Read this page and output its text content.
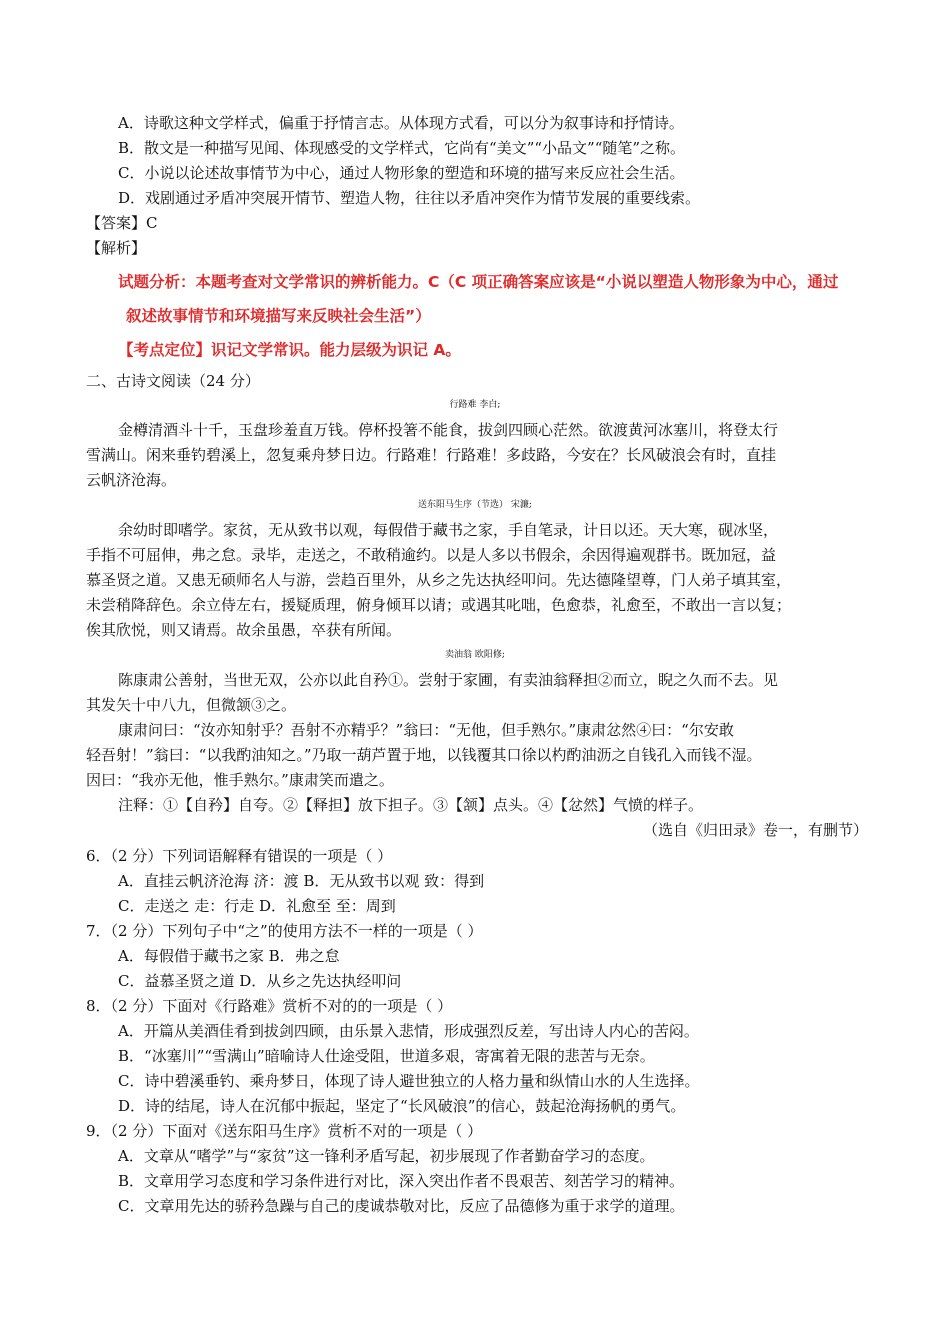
A．诗歌这种文学样式，偏重于抒情言志。从体现方式看，可以分为叙事诗和抒情诗。
B．散文是一种描写见闻、体现感受的文学样式，它尚有“美文”“小品文”“随笔”之称。
C．小说以论述故事情节为中心，通过人物形象的塑造和环境的描写来反应社会生活。
D．戏剧通过矛盾冲突展开情节、塑造人物，往往以矛盾冲突作为情节发展的重要线索。
【答案】C
【解析】
试题分析：本题考查对文学常识的辨析能力。C（C 项正确答案应该是“小说以塑造人物形象为中心，通过
叙述故事情节和环境描写来反映社会生活”）
【考点定位】识记文学常识。能力层级为识记 A。
二、古诗文阅读（24 分）
行路难 李白;
金樽清酒斗十千，玉盘珍羞直万钱。停杯投箸不能食，拔剑四顾心茫然。欲渡黄河冰塞川，将登太行
雪满山。闲来垂钓碧溪上，忽复乘舟梦日边。行路难！行路难！多歧路，今安在？长风破浪会有时，直挂
云帆济沧海。
送东阳马生序（节选） 宋濂;
余幼时即嗜学。家贫，无从致书以观，每假借于藏书之家，手自笔录，计日以还。天大寒，砚冰坚，
手指不可屈伸，弗之怠。录毕，走送之，不敢稍逾约。以是人多以书假余，余因得遍观群书。既加冠，益
慕圣贤之道。又患无硕师名人与游，尝趋百里外，从乡之先达执经叩问。先达德隆望尊，门人弟子填其室，
未尝稍降辞色。余立侍左右，援疑质理，俯身倾耳以请；或遇其叱咄，色愈恭，礼愈至，不敢出一言以复；
俟其欣悦，则又请焉。故余虽愚，卒获有所闻。
卖油翁 欧阳修;
陈康肃公善射，当世无双，公亦以此自矜①。尝射于家圃，有卖油翁释担②而立，睨之久而不去。见
其发矢十中八九，但微颔③之。
康肃问曰：“汝亦知射乎？吾射不亦精乎？”翁曰：“无他，但手熟尔。”康肃忿然④曰：“尔安敢
轻吾射！”翁曰：“以我酌油知之。”乃取一葫芦置于地，以钱覆其口徐以杓酌油沥之自钱孔入而钱不湿。
因曰：“我亦无他，惟手熟尔。”康肃笑而遣之。
注释：①【自矜】自夸。②【释担】放下担子。③【颔】点头。④【忿然】气愤的样子。
（选自《归田录》卷一，有删节）
6．（2 分）下列词语解释有错误的一项是（ ）
A．直挂云帆济沧海 济：渡 B．无从致书以观 致：得到
C．走送之 走：行走 D．礼愈至 至：周到
7．（2 分）下列句子中“之”的使用方法不一样的一项是（ ）
A．每假借于藏书之家 B．弗之怠
C．益慕圣贤之道 D．从乡之先达执经叩问
8．（2 分）下面对《行路难》赏析不对的的一项是（ ）
A．开篇从美酒佳肴到拔剑四顾，由乐景入悲情，形成强烈反差，写出诗人内心的苦闷。
B．“冰塞川”“雪满山”暗喻诗人仕途受阻，世道多艰，寄寓着无限的悲苦与无奈。
C．诗中碧溪垂钓、乘舟梦日，体现了诗人避世独立的人格力量和纵情山水的人生选择。
D．诗的结尾，诗人在沉郁中振起，坚定了“长风破浪”的信心，鼓起沧海扬帆的勇气。
9．（2 分）下面对《送东阳马生序》赏析不对的一项是（ ）
A．文章从“嗜学”与“家贫”这一锋利矛盾写起，初步展现了作者勤奋学习的态度。
B．文章用学习态度和学习条件进行对比，深入突出作者不畏艰苦、刻苦学习的精神。
C．文章用先达的骄矜急躁与自己的虔诚恭敬对比，反应了品德修为重于求学的道理。
